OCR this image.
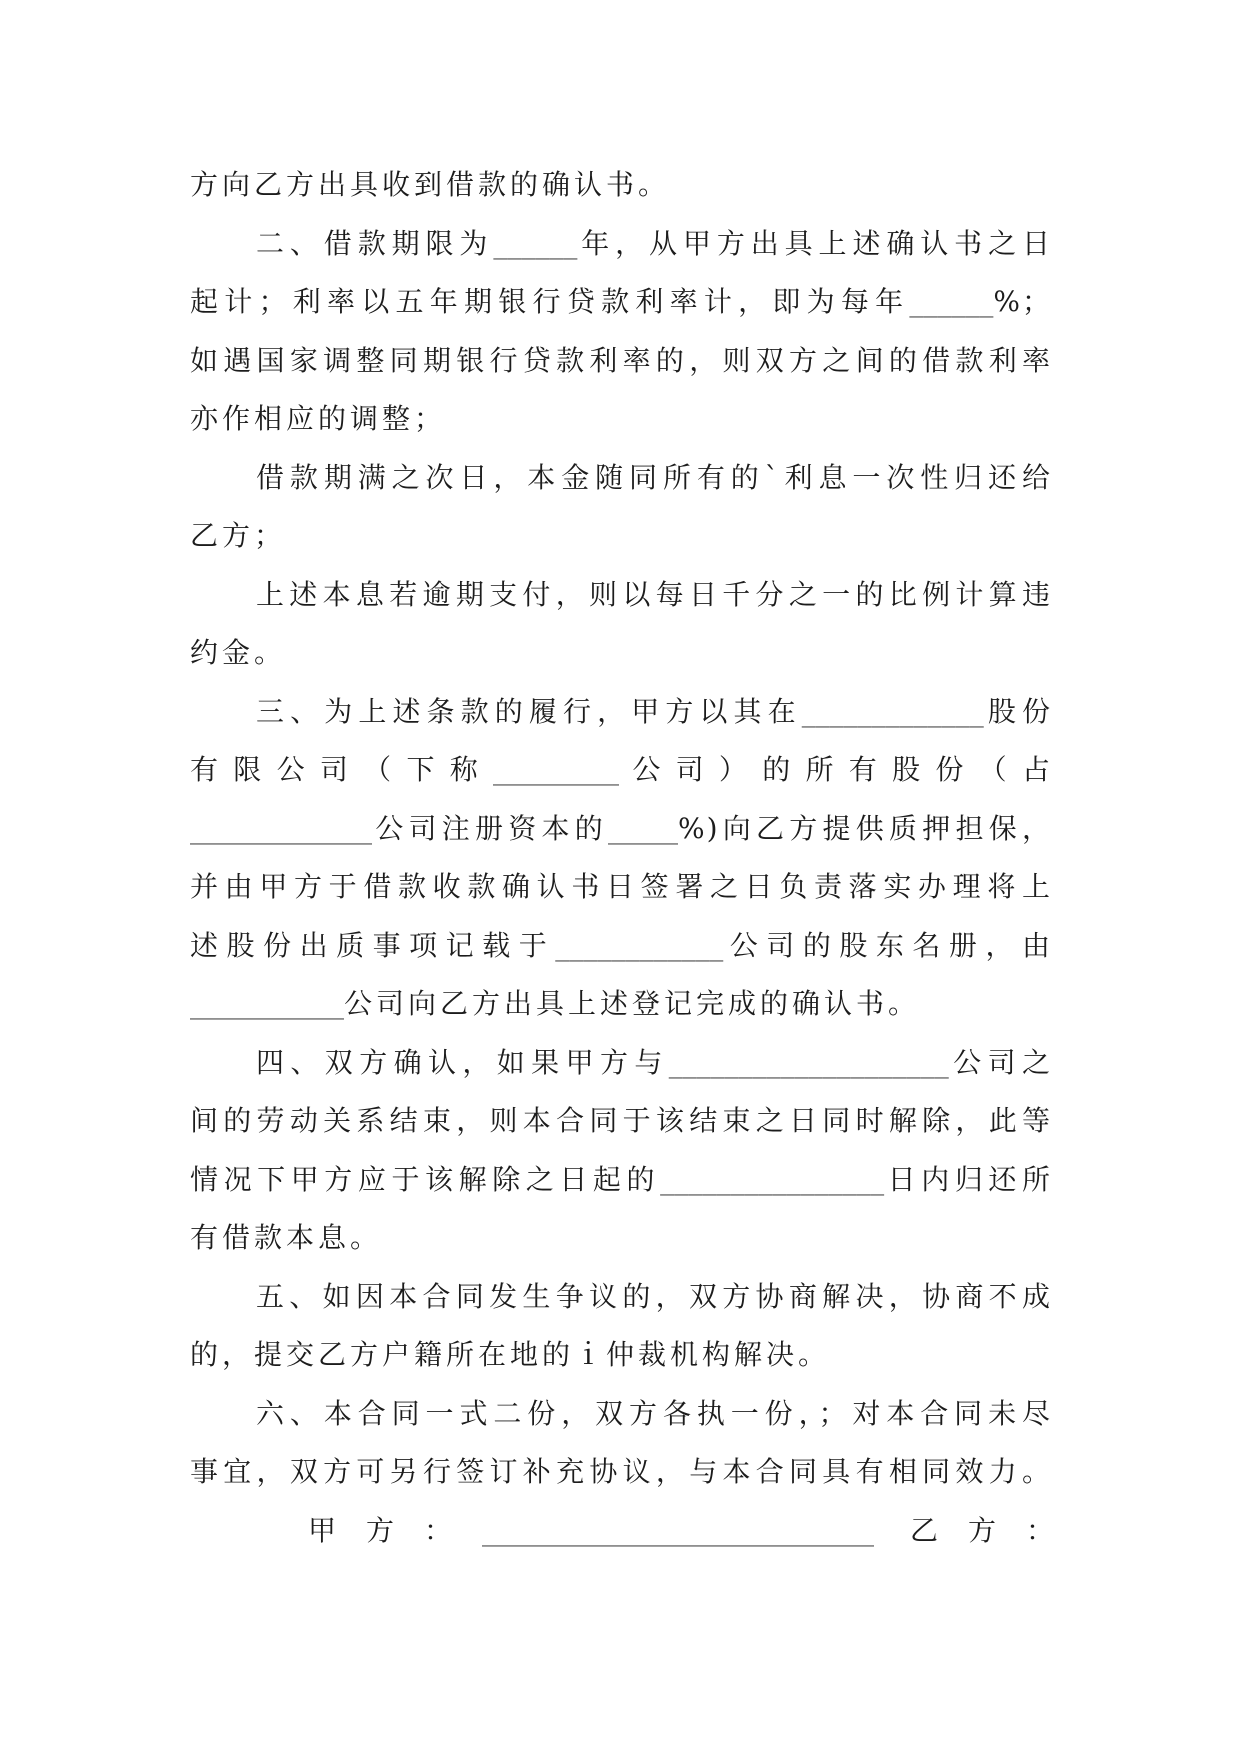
方向乙方出具收到借款的确认书。
二、借款期限为______年，从甲方出具上述确认书之日
起计；利率以五年期银行贷款利率计，即为每年______%；
如遇国家调整同期银行贷款利率的，则双方之间的借款利率
亦作相应的调整；
借款期满之次日，本金随同所有的`利息一次性归还给
乙方；
上述本息若逾期支付，则以每日千分之一的比例计算违
约金。
三、为上述条款的履行，甲方以其在_____________股份
有限公司（下称_________公司）的所有股份（占
_____________公司注册资本的_____%)向乙方提供质押担保，
并由甲方于借款收款确认书日签署之日负责落实办理将上
述股份出质事项记载于____________公司的股东名册，由
___________公司向乙方出具上述登记完成的确认书。
四、双方确认，如果甲方与____________________公司之
间的劳动关系结束，则本合同于该结束之日同时解除，此等
情况下甲方应于该解除之日起的________________日内归还所
有借款本息。
五、如因本合同发生争议的，双方协商解决，协商不成
的，提交乙方户籍所在地的ｉ仲裁机构解决。
六、本合同一式二份，双方各执一份，；对本合同未尽
事宜，双方可另行签订补充协议，与本合同具有相同效力。
甲方： ____________________________ 乙方：
